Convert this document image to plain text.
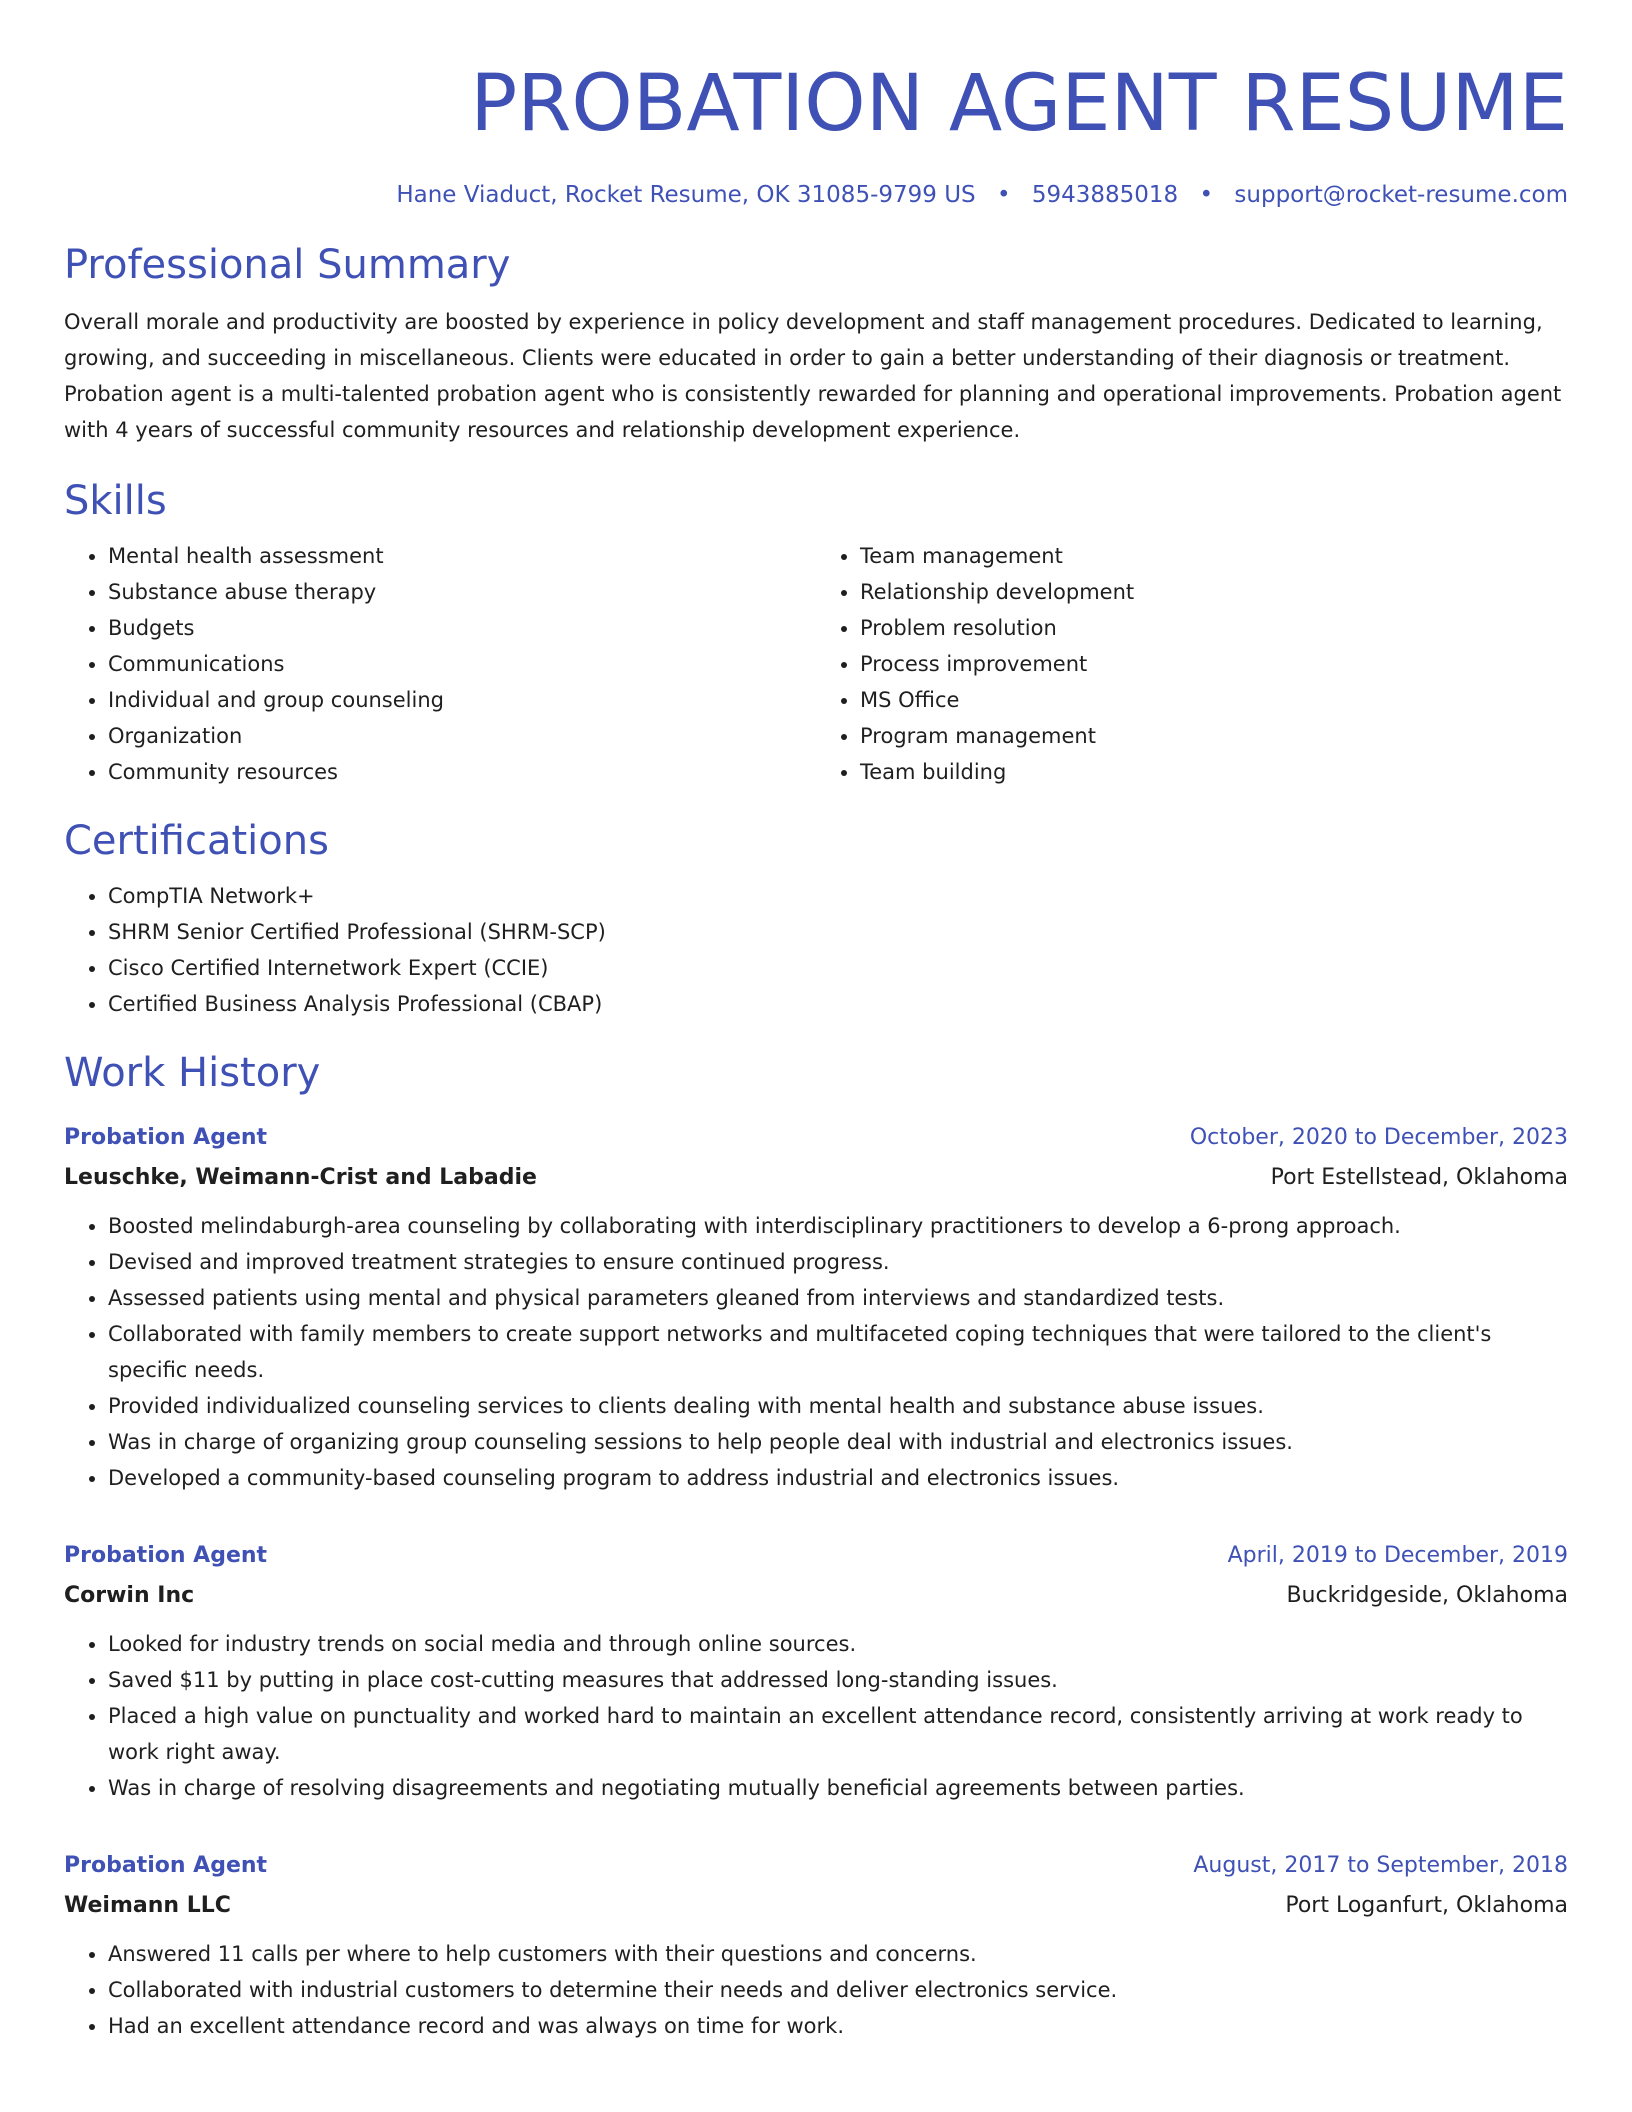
PROBATION AGENT RESUME
Hane Viaduct, Rocket Resume, OK 31085-9799 US • 5943885018 • support@rocket-resume.com
Professional Summary

Overall morale and productivity are boosted by experience in policy development and staff management procedures. Dedicated to learning, growing, and succeeding in miscellaneous. Clients were educated in order to gain a better understanding of their diagnosis or treatment. Probation agent is a multi-talented probation agent who is consistently rewarded for planning and operational improvements. Probation agent with 4 years of successful community resources and relationship development experience.

Skills
• Mental health assessment
• Substance abuse therapy
• Budgets
• Communications
• Individual and group counseling
• Organization
• Community resources
• Team management
• Relationship development
• Problem resolution
• Process improvement
• MS Office
• Program management
• Team building
Certifications
• CompTIA Network+
• SHRM Senior Certified Professional (SHRM-SCP)
• Cisco Certified Internetwork Expert (CCIE)
• Certified Business Analysis Professional (CBAP)
Work History
Probation Agent	October, 2020 to December, 2023
Leuschke, Weimann-Crist and Labadie	Port Estellstead, Oklahoma
• Boosted melindaburgh-area counseling by collaborating with interdisciplinary practitioners to develop a 6-prong approach.
• Devised and improved treatment strategies to ensure continued progress.
• Assessed patients using mental and physical parameters gleaned from interviews and standardized tests.
• Collaborated with family members to create support networks and multifaceted coping techniques that were tailored to the client's specific needs.
• Provided individualized counseling services to clients dealing with mental health and substance abuse issues.
• Was in charge of organizing group counseling sessions to help people deal with industrial and electronics issues.
• Developed a community-based counseling program to address industrial and electronics issues.
Probation Agent	April, 2019 to December, 2019
Corwin Inc	Buckridgeside, Oklahoma
• Looked for industry trends on social media and through online sources.
• Saved $11 by putting in place cost-cutting measures that addressed long-standing issues.
• Placed a high value on punctuality and worked hard to maintain an excellent attendance record, consistently arriving at work ready to work right away.
• Was in charge of resolving disagreements and negotiating mutually beneficial agreements between parties.
Probation Agent	August, 2017 to September, 2018
Weimann LLC	Port Loganfurt, Oklahoma
• Answered 11 calls per where to help customers with their questions and concerns.
• Collaborated with industrial customers to determine their needs and deliver electronics service.
• Had an excellent attendance record and was always on time for work.
